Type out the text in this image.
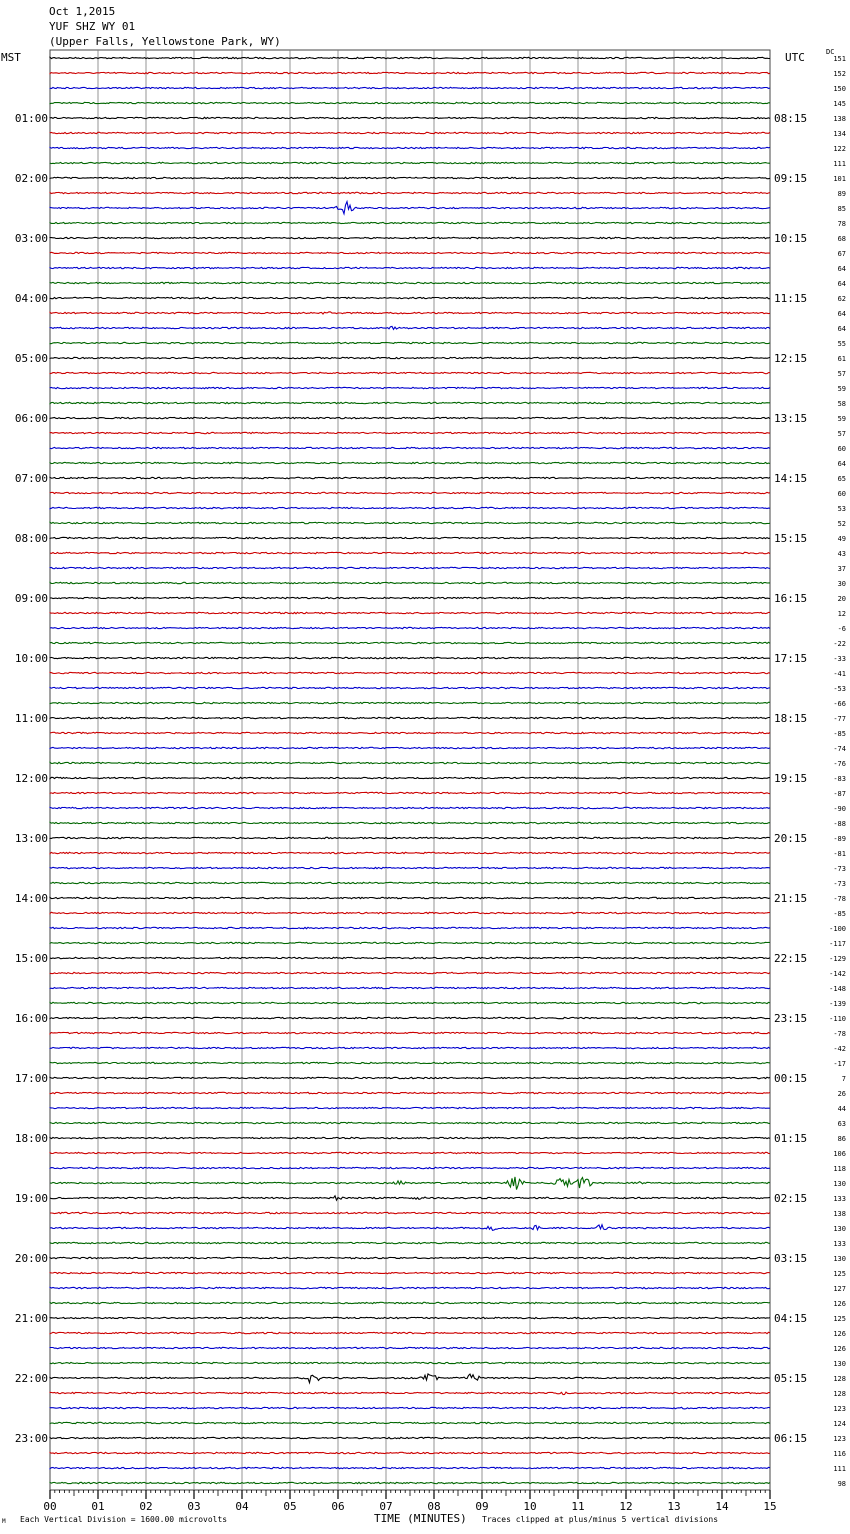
Oct 1,2015
YUF SHZ WY 01
(Upper Falls, Yellowstone Park, WY)
MST	UTC	DC
151
152
150
145
138
134
122
111
101
89
85
78
68
67
64
64
62
64
64
55
61
57
59
58
59
57
60
64
65
60
53
52
49
43
37
30
20
12
-6
-22
-33
-41
-53
-66
-77
-85
-74
-76
-83
-87
-90
-88
-89
-81
-73
-73
-78
-85
-100
-117
-129
-142
-148
-139
-110
-78
-42
-17
7
26
44
63
86
106
118
130
133
138
130
133
130
125
127
126
125
126
126
130
128
128
123
124
123
116
111
98
01:00
02:00
03:00
04:00
05:00
06:00
07:00
08:00
09:00
10:00
11:00
12:00
13:00
14:00
15:00
16:00
17:00
18:00
19:00
20:00
21:00
22:00
23:00
08:15
09:15
10:15
11:15
12:15
13:15
14:15
15:15
16:15
17:15
18:15
19:15
20:15
21:15
22:15
23:15
00:15
01:15
02:15
03:15
04:15
05:15
06:15
00	01	02	03	04	05	06	07	08	09	10	11	12	13	14	15
M Each Vertical Division = 1600.00 microvolts	TIME (MINUTES) Traces clipped at plus/minus 5 vertical divisions
